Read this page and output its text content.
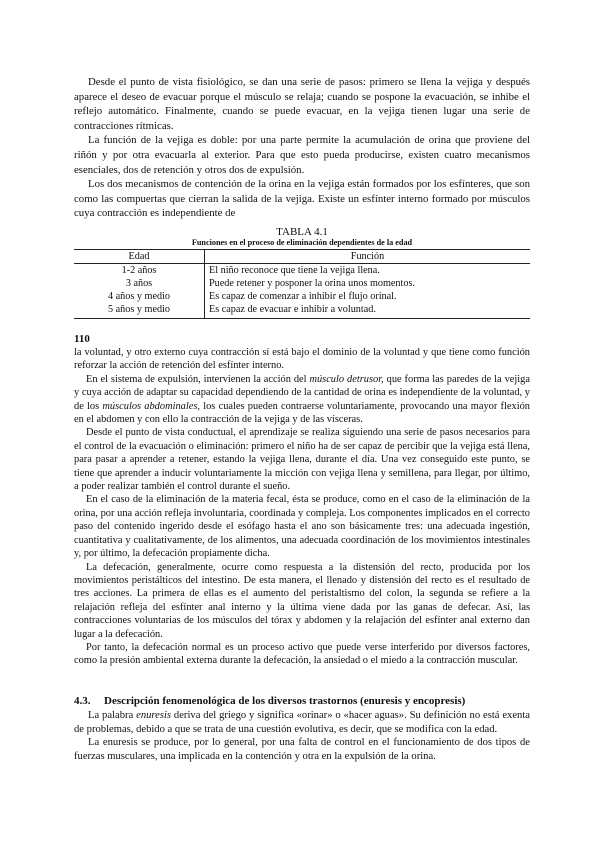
Desde el punto de vista fisiológico, se dan una serie de pasos: primero se llena la vejiga y después aparece el deseo de evacuar porque el músculo se relaja; cuando se pospone la evacuación, se inhibe el reflejo automático. Finalmente, cuando se puede evacuar, en la vejiga tienen lugar una serie de contracciones rítmicas.

La función de la vejiga es doble: por una parte permite la acumulación de orina que proviene del riñón y por otra evacuarla al exterior. Para que esto pueda producirse, existen cuatro mecanismos esenciales, dos de retención y otros dos de expulsión.

Los dos mecanismos de contención de la orina en la vejiga están formados por los esfínteres, que son como las compuertas que cierran la salida de la vejiga. Existe un esfínter interno formado por músculos cuya contracción es independiente de

TABLA 4.1
Funciones en el proceso de eliminación dependientes de la edad
Edad	Función
1-2 años	El niño reconoce que tiene la vejiga llena.
3 años	Puede retener y posponer la orina unos momentos.
4 años y medio	Es capaz de comenzar a inhibir el flujo orinal.
5 años y medio	Es capaz de evacuar e inhibir a voluntad.
110

la voluntad, y otro externo cuya contracción sí está bajo el dominio de la voluntad y que tiene como función reforzar la acción de retención del esfínter interno.

En el sistema de expulsión, intervienen la acción del músculo detrusor, que forma las paredes de la vejiga y cuya acción de adaptar su capacidad dependiendo de la cantidad de orina es independiente de la voluntad, y de los músculos abdominales, los cuales pueden contraerse voluntariamente, provocando una mayor flexión en el abdomen y con ello la contracción de la vejiga y de las vísceras.

Desde el punto de vista conductual, el aprendizaje se realiza siguiendo una serie de pasos necesarios para el control de la evacuación o eliminación: primero el niño ha de ser capaz de percibir que la vejiga está llena, para pasar a aprender a retener, estando la vejiga llena, durante el día. Una vez conseguido este punto, se tiene que aprender a inducir voluntariamente la micción con vejiga llena y semillena, para llegar, por último, a poder realizar también el control durante el sueño.

En el caso de la eliminación de la materia fecal, ésta se produce, como en el caso de la eliminación de la orina, por una acción refleja involuntaria, coordinada y compleja. Los componentes implicados en el correcto paso del contenido ingerido desde el esófago hasta el ano son básicamente tres: una adecuada ingestión, cuantitativa y cualitativamente, de los alimentos, una adecuada coordinación de los movimientos intestinales y, por último, la defecación propiamente dicha.

La defecación, generalmente, ocurre como respuesta a la distensión del recto, producida por los movimientos peristálticos del intestino. De esta manera, el llenado y distensión del recto es el resultado de tres acciones. La primera de ellas es el aumento del peristaltismo del colon, la segunda se refiere a la relajación refleja del esfínter anal interno y la última viene dada por las ganas de defecar. Así, las contracciones voluntarias de los músculos del tórax y abdomen y la relajación del esfínter anal externo dan lugar a la defecación.

Por tanto, la defecación normal es un proceso activo que puede verse interferido por diversos factores, como la presión ambiental externa durante la defecación, la ansiedad o el miedo a la contracción muscular.

4.3. Descripción fenomenológica de los diversos trastornos (enuresis y encopresis)

La palabra enuresis deriva del griego y significa «orinar» o «hacer aguas». Su definición no está exenta de problemas, debido a que se trata de una cuestión evolutiva, es decir, que se modifica con la edad.

La enuresis se produce, por lo general, por una falta de control en el funcionamiento de dos tipos de fuerzas musculares, una implicada en la contención y otra en la expulsión de la orina.
